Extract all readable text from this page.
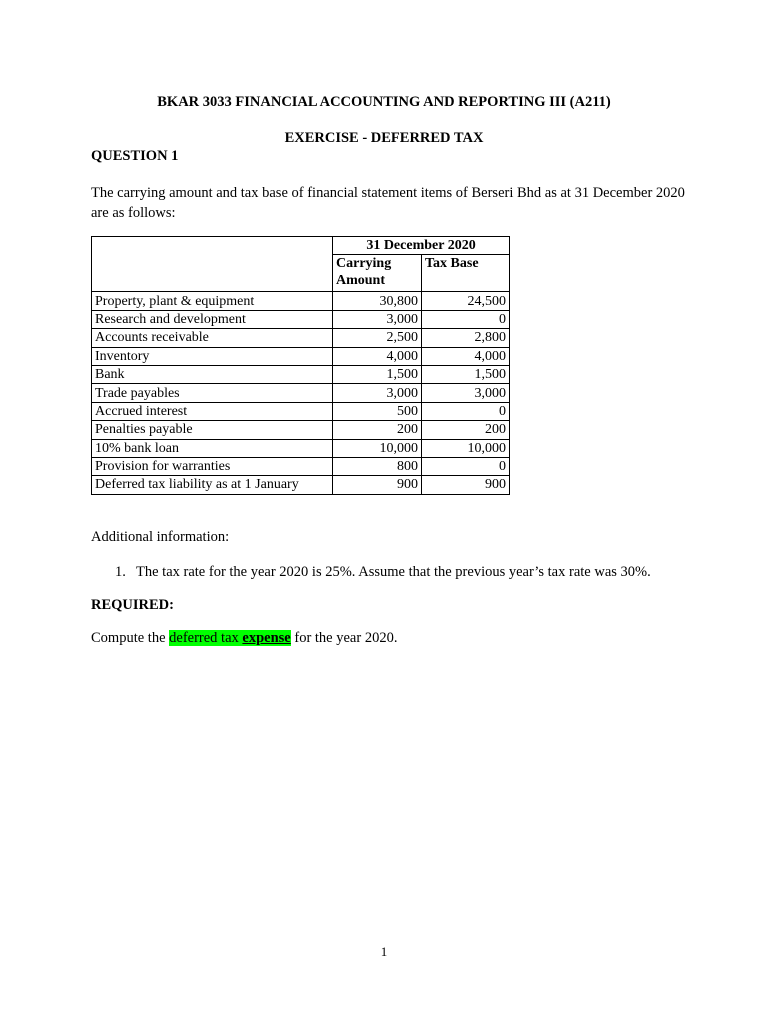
BKAR 3033 FINANCIAL ACCOUNTING AND REPORTING III (A211)
EXERCISE - DEFERRED TAX
QUESTION 1
The carrying amount and tax base of financial statement items of Berseri Bhd as at 31 December 2020 are as follows:
	31 December 2020	
	Carrying Amount	Tax Base
Property, plant & equipment	30,800	24,500
Research and development	3,000	0
Accounts receivable	2,500	2,800
Inventory	4,000	4,000
Bank	1,500	1,500
Trade payables	3,000	3,000
Accrued interest	500	0
Penalties payable	200	200
10% bank loan	10,000	10,000
Provision for warranties	800	0
Deferred tax liability as at 1 January	900	900
Additional information:
1. The tax rate for the year 2020 is 25%. Assume that the previous year’s tax rate was 30%.
REQUIRED:
Compute the deferred tax expense for the year 2020.
1
